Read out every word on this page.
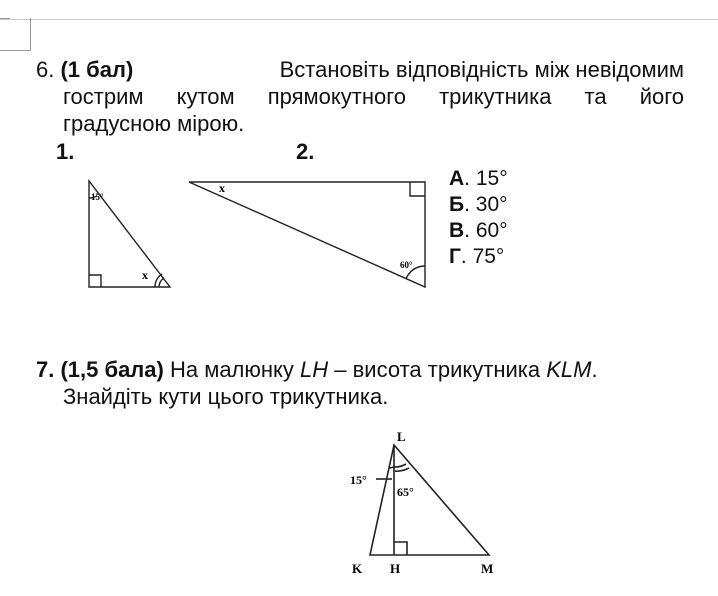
6. (1 бал)	Встановіть відповідність між невідомим
гострим кутом прямокутного трикутника та його
градусною мірою.
1.	2.
А. 15°
Б. 30°
В. 60°
Г. 75°
15°
x
x
60°
L
K H	M
15°
65°
7. (1,5 бала) На малюнку LH – висота трикутника KLM.
Знайдіть кути цього трикутника.
